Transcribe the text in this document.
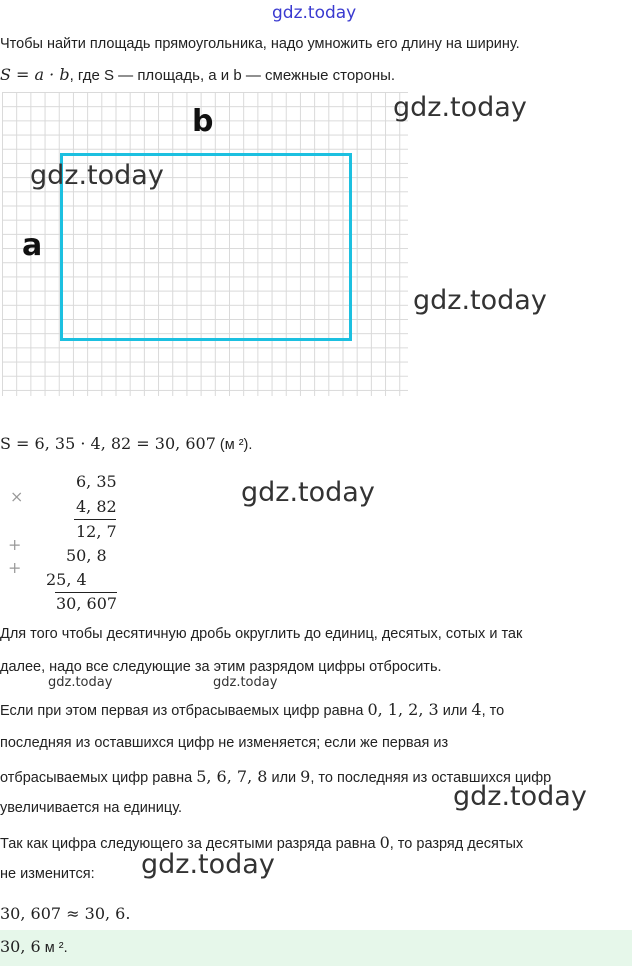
gdz.today
Чтобы найти площадь прямоугольника, надо умножить его длину на ширину.
S = a · b, где S — площадь, a и b — смежные стороны.
b
a
gdz.today
gdz.today
gdz.today
S = 6, 35 · 4, 82 = 30, 607 (м ²).
×
6, 35
4, 82
12, 7
+
50, 8
+
25, 4
30, 607
gdz.today
Для того чтобы десятичную дробь округлить до единиц, десятых, сотых и так
далее, надо все следующие за этим разрядом цифры отбросить.
gdz.today	gdz.today
Если при этом первая из отбрасываемых цифр равна 0, 1, 2, 3 или 4, то
последняя из оставшихся цифр не изменяется; если же первая из
отбрасываемых цифр равна 5, 6, 7, 8 или 9, то последняя из оставшихся цифр
увеличивается на единицу.	gdz.today
Так как цифра следующего за десятыми разряда равна 0, то разряд десятых
не изменится: gdz.today
30, 607 ≈ 30, 6.
30, 6 м ².
